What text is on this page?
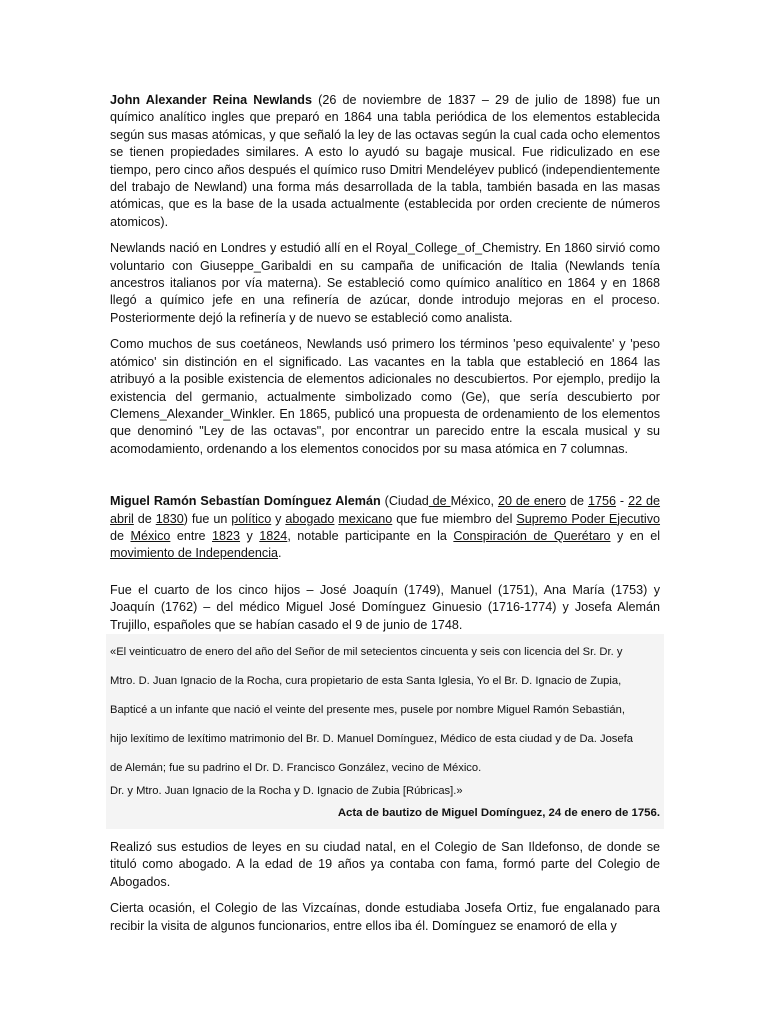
John Alexander Reina Newlands (26 de noviembre de 1837 – 29 de julio de 1898) fue un químico analítico ingles que preparó en 1864 una tabla periódica de los elementos establecida según sus masas atómicas, y que señaló la ley de las octavas según la cual cada ocho elementos se tienen propiedades similares. A esto lo ayudó su bagaje musical. Fue ridiculizado en ese tiempo, pero cinco años después el químico ruso Dmitri Mendeléyev publicó (independientemente del trabajo de Newland) una forma más desarrollada de la tabla, también basada en las masas atómicas, que es la base de la usada actualmente (establecida por orden creciente de números atomicos).

Newlands nació en Londres y estudió allí en el Royal_College_of_Chemistry. En 1860 sirvió como voluntario con Giuseppe_Garibaldi en su campaña de unificación de Italia (Newlands tenía ancestros italianos por vía materna). Se estableció como químico analítico en 1864 y en 1868 llegó a químico jefe en una refinería de azúcar, donde introdujo mejoras en el proceso. Posteriormente dejó la refinería y de nuevo se estableció como analista.

Como muchos de sus coetáneos, Newlands usó primero los términos 'peso equivalente' y 'peso atómico' sin distinción en el significado. Las vacantes en la tabla que estableció en 1864 las atribuyó a la posible existencia de elementos adicionales no descubiertos. Por ejemplo, predijo la existencia del germanio, actualmente simbolizado como (Ge), que sería descubierto por Clemens_Alexander_Winkler. En 1865, publicó una propuesta de ordenamiento de los elementos que denominó "Ley de las octavas", por encontrar un parecido entre la escala musical y su acomodamiento, ordenando a los elementos conocidos por su masa atómica en 7 columnas.

Miguel Ramón Sebastían Domínguez Alemán (Ciudad de México, 20 de enero de 1756 - 22 de abril de 1830) fue un político y abogado mexicano que fue miembro del Supremo Poder Ejecutivo de México entre 1823 y 1824, notable participante en la Conspiración de Querétaro y en el movimiento de Independencia.

Fue el cuarto de los cinco hijos – José Joaquín (1749), Manuel (1751), Ana María (1753) y Joaquín (1762) – del médico Miguel José Domínguez Ginuesio (1716-1774) y Josefa Alemán Trujillo, españoles que se habían casado el 9 de junio de 1748.

«El veinticuatro de enero del año del Señor de mil setecientos cincuenta y seis con licencia del Sr. Dr. y
Mtro. D. Juan Ignacio de la Rocha, cura propietario de esta Santa Iglesia, Yo el Br. D. Ignacio de Zupia,
Bapticé a un infante que nació el veinte del presente mes, pusele por nombre Miguel Ramón Sebastián,
hijo lexítimo de lexítimo matrimonio del Br. D. Manuel Domínguez, Médico de esta ciudad y de Da. Josefa
de Alemán; fue su padrino el Dr. D. Francisco González, vecino de México.
Dr. y Mtro. Juan Ignacio de la Rocha y D. Ignacio de Zubia [Rúbricas].»
Acta de bautizo de Miguel Domínguez, 24 de enero de 1756.

Realizó sus estudios de leyes en su ciudad natal, en el Colegio de San Ildefonso, de donde se tituló como abogado. A la edad de 19 años ya contaba con fama, formó parte del Colegio de Abogados.

Cierta ocasión, el Colegio de las Vizcaínas, donde estudiaba Josefa Ortiz, fue engalanado para recibir la visita de algunos funcionarios, entre ellos iba él. Domínguez se enamoró de ella y
